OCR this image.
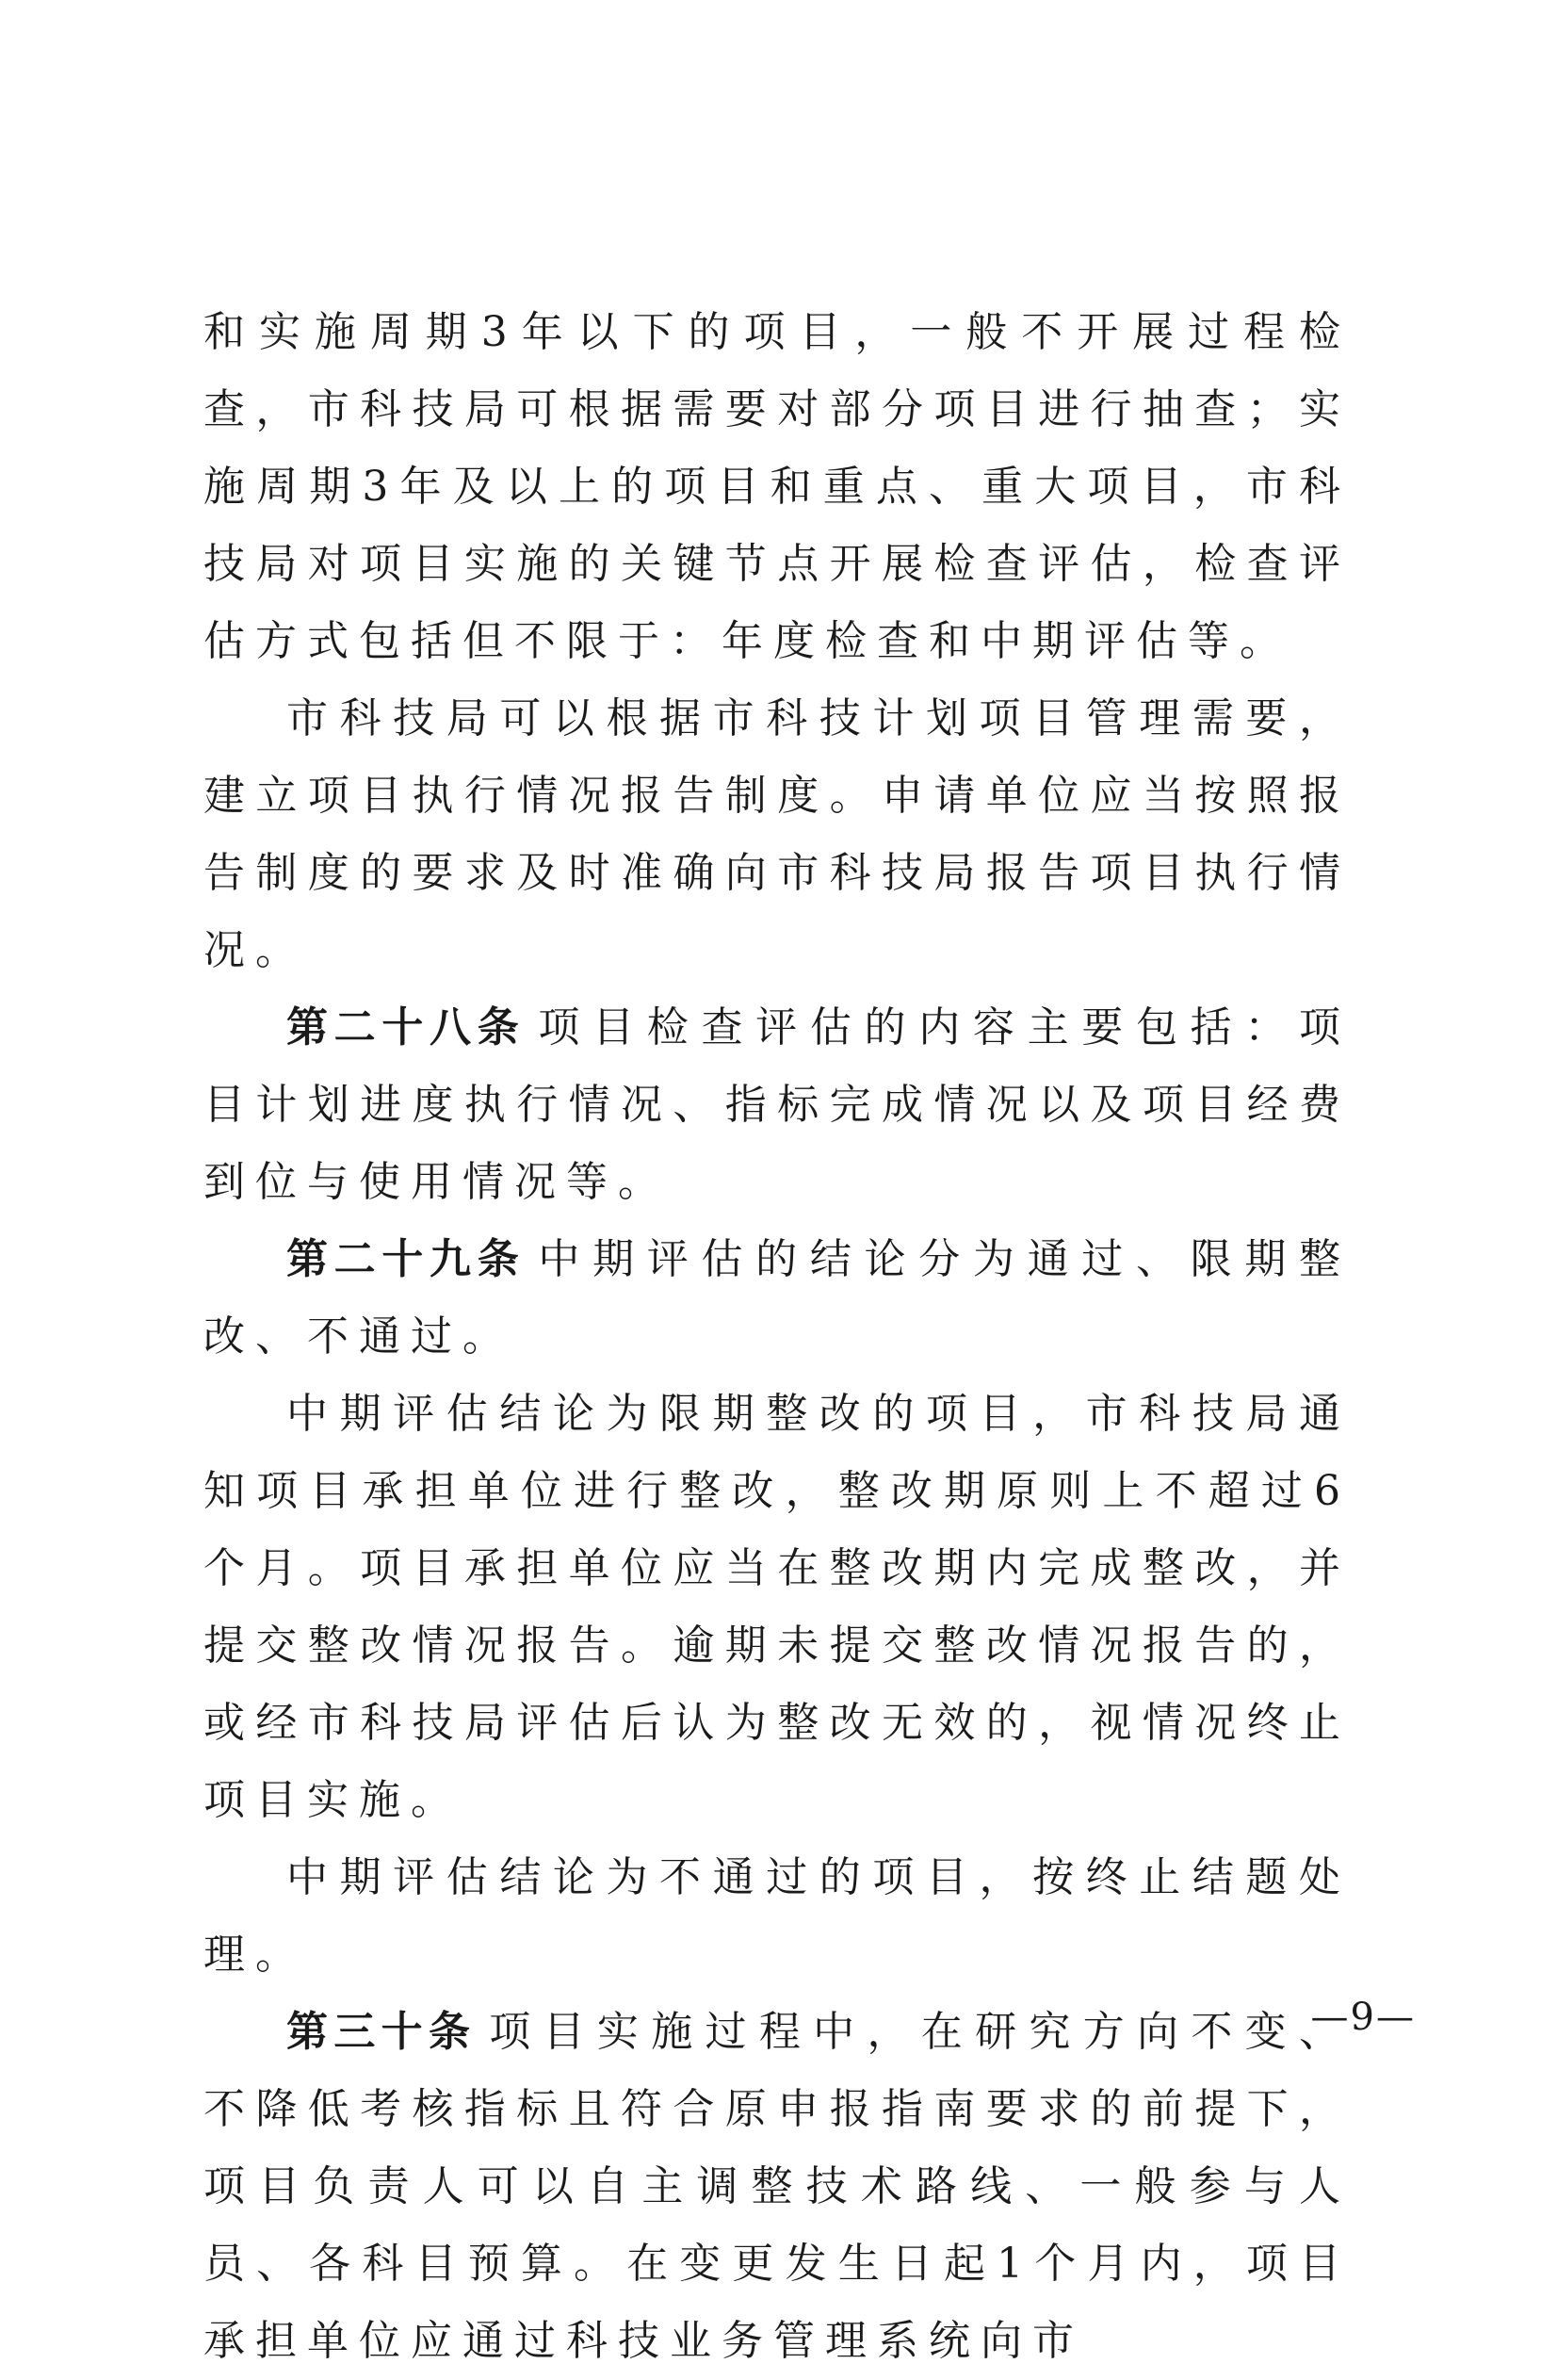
和实施周期3年以下的项目，一般不开展过程检查，市科技局可根据需要对部分项目进行抽查；实施周期3年及以上的项目和重点、重大项目，市科技局对项目实施的关键节点开展检查评估，检查评估方式包括但不限于：年度检查和中期评估等。

市科技局可以根据市科技计划项目管理需要，建立项目执行情况报告制度。申请单位应当按照报告制度的要求及时准确向市科技局报告项目执行情况。

第二十八条 项目检查评估的内容主要包括：项目计划进度执行情况、指标完成情况以及项目经费到位与使用情况等。

第二十九条 中期评估的结论分为通过、限期整改、不通过。

中期评估结论为限期整改的项目，市科技局通知项目承担单位进行整改，整改期原则上不超过6个月。项目承担单位应当在整改期内完成整改，并提交整改情况报告。逾期未提交整改情况报告的，或经市科技局评估后认为整改无效的，视情况终止项目实施。

中期评估结论为不通过的项目，按终止结题处理。

第三十条 项目实施过程中，在研究方向不变、不降低考核指标且符合原申报指南要求的前提下，项目负责人可以自主调整技术路线、一般参与人员、各科目预算。在变更发生日起1个月内，项目承担单位应通过科技业务管理系统向市

—9—
